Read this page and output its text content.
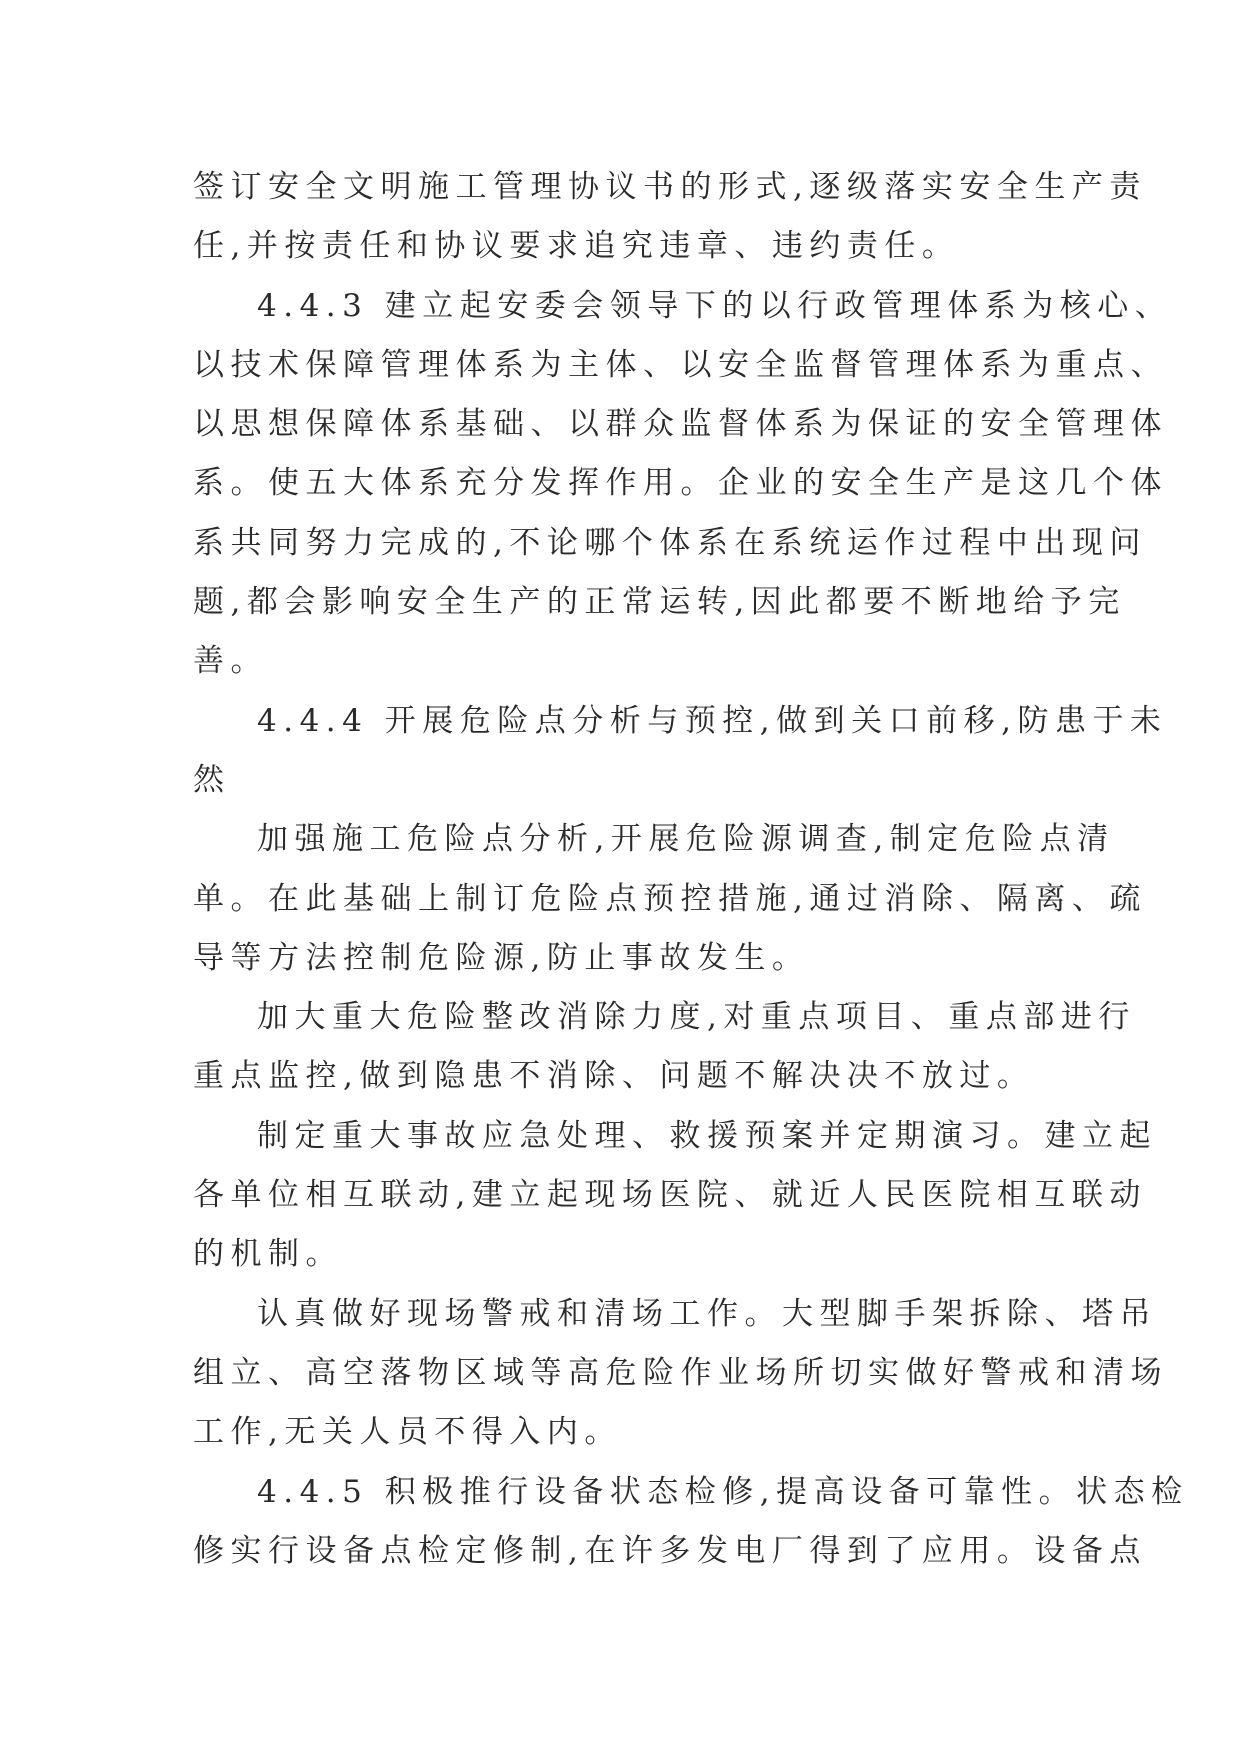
签订安全文明施工管理协议书的形式,逐级落实安全生产责
任,并按责任和协议要求追究违章、违约责任。
4.4.3 建立起安委会领导下的以行政管理体系为核心、
以技术保障管理体系为主体、以安全监督管理体系为重点、
以思想保障体系基础、以群众监督体系为保证的安全管理体
系。使五大体系充分发挥作用。企业的安全生产是这几个体
系共同努力完成的,不论哪个体系在系统运作过程中出现问
题,都会影响安全生产的正常运转,因此都要不断地给予完
善。
4.4.4 开展危险点分析与预控,做到关口前移,防患于未
然
加强施工危险点分析,开展危险源调查,制定危险点清
单。在此基础上制订危险点预控措施,通过消除、隔离、疏
导等方法控制危险源,防止事故发生。
加大重大危险整改消除力度,对重点项目、重点部进行
重点监控,做到隐患不消除、问题不解决决不放过。
制定重大事故应急处理、救援预案并定期演习。建立起
各单位相互联动,建立起现场医院、就近人民医院相互联动
的机制。
认真做好现场警戒和清场工作。大型脚手架拆除、塔吊
组立、高空落物区域等高危险作业场所切实做好警戒和清场
工作,无关人员不得入内。
4.4.5 积极推行设备状态检修,提高设备可靠性。状态检
修实行设备点检定修制,在许多发电厂得到了应用。设备点
